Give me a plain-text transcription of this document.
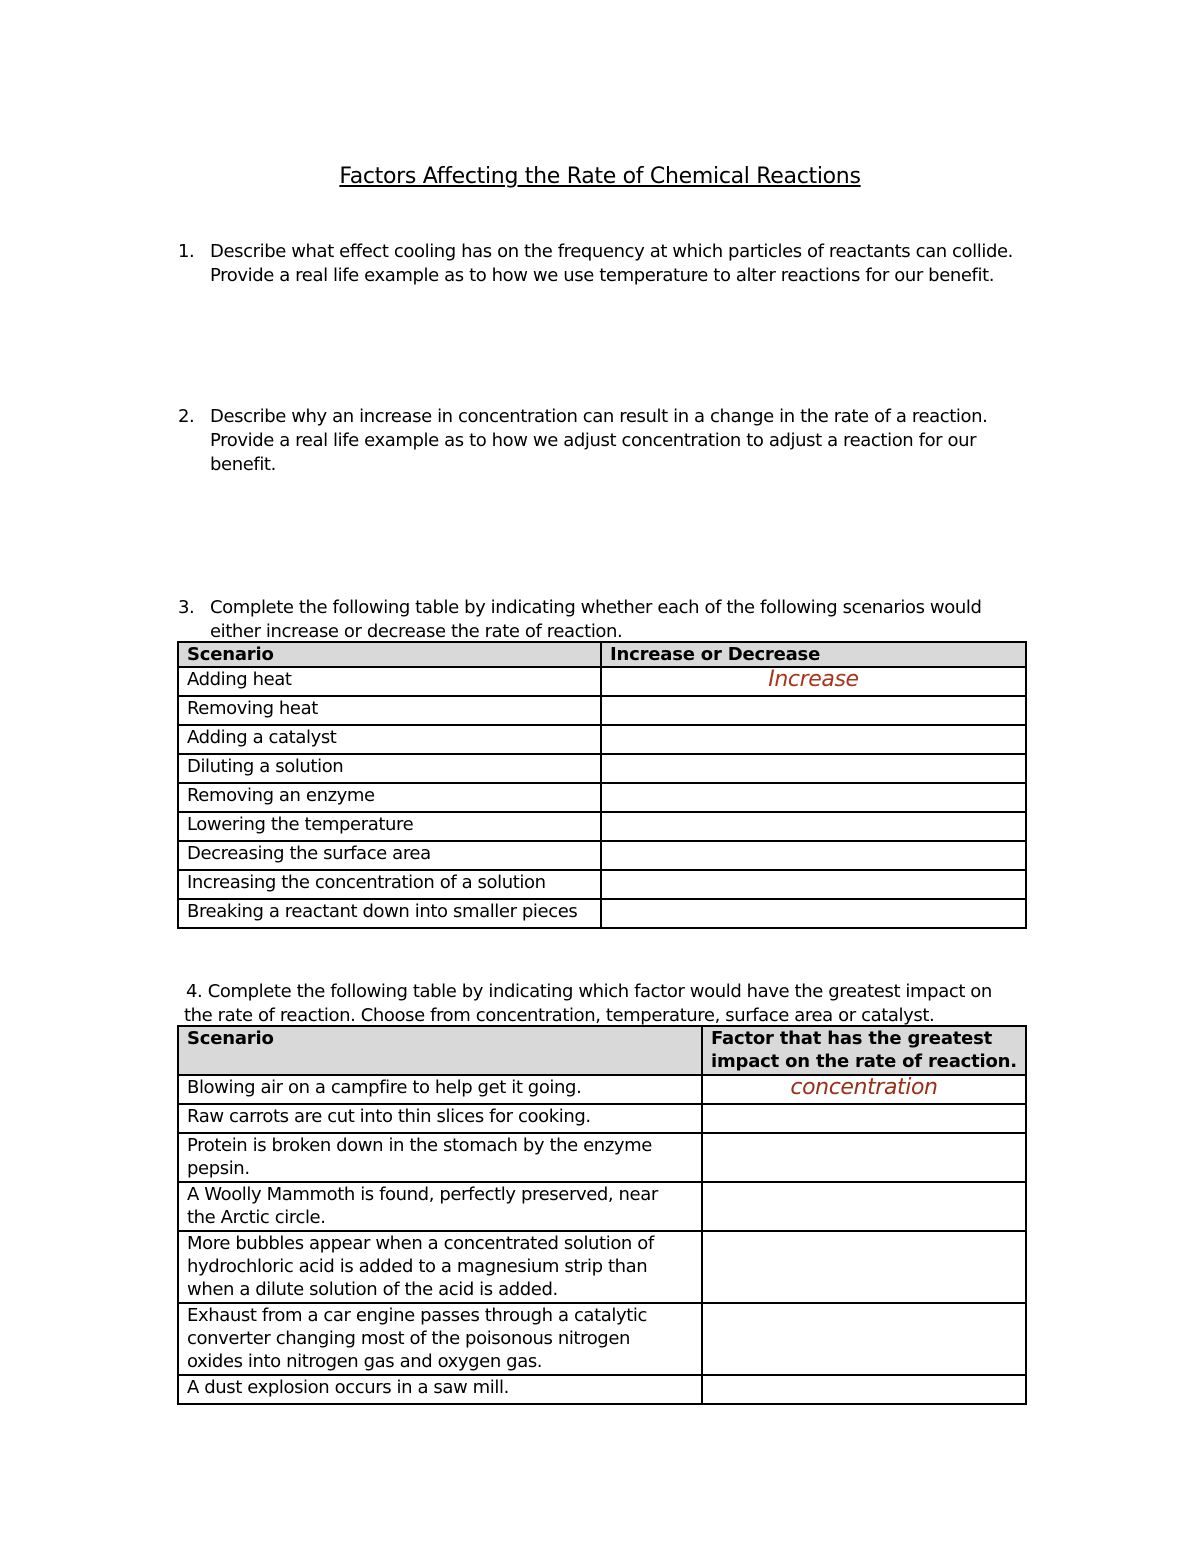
Factors Affecting the Rate of Chemical Reactions
1. Describe what effect cooling has on the frequency at which particles of reactants can collide.

Provide a real life example as to how we use temperature to alter reactions for our benefit.

2. Describe why an increase in concentration can result in a change in the rate of a reaction.

Provide a real life example as to how we adjust concentration to adjust a reaction for our

benefit.

3. Complete the following table by indicating whether each of the following scenarios would

either increase or decrease the rate of reaction.

Scenario	Increase or Decrease
Adding heat	Increase
Removing heat	
Adding a catalyst	
Diluting a solution	
Removing an enzyme	
Lowering the temperature	
Decreasing the surface area	
Increasing the concentration of a solution	
Breaking a reactant down into smaller pieces	

4. Complete the following table by indicating which factor would have the greatest impact on

the rate of reaction. Choose from concentration, temperature, surface area or catalyst.

Scenario	Factor that has the greatest
impact on the rate of reaction.

Blowing air on a campfire to help get it going.	concentration

Raw carrots are cut into thin slices for cooking.	

Protein is broken down in the stomach by the enzyme
pepsin.	

A Woolly Mammoth is found, perfectly preserved, near
the Arctic circle.	

More bubbles appear when a concentrated solution of
hydrochloric acid is added to a magnesium strip than
when a dilute solution of the acid is added.	

Exhaust from a car engine passes through a catalytic
converter changing most of the poisonous nitrogen
oxides into nitrogen gas and oxygen gas.	

A dust explosion occurs in a saw mill.	
